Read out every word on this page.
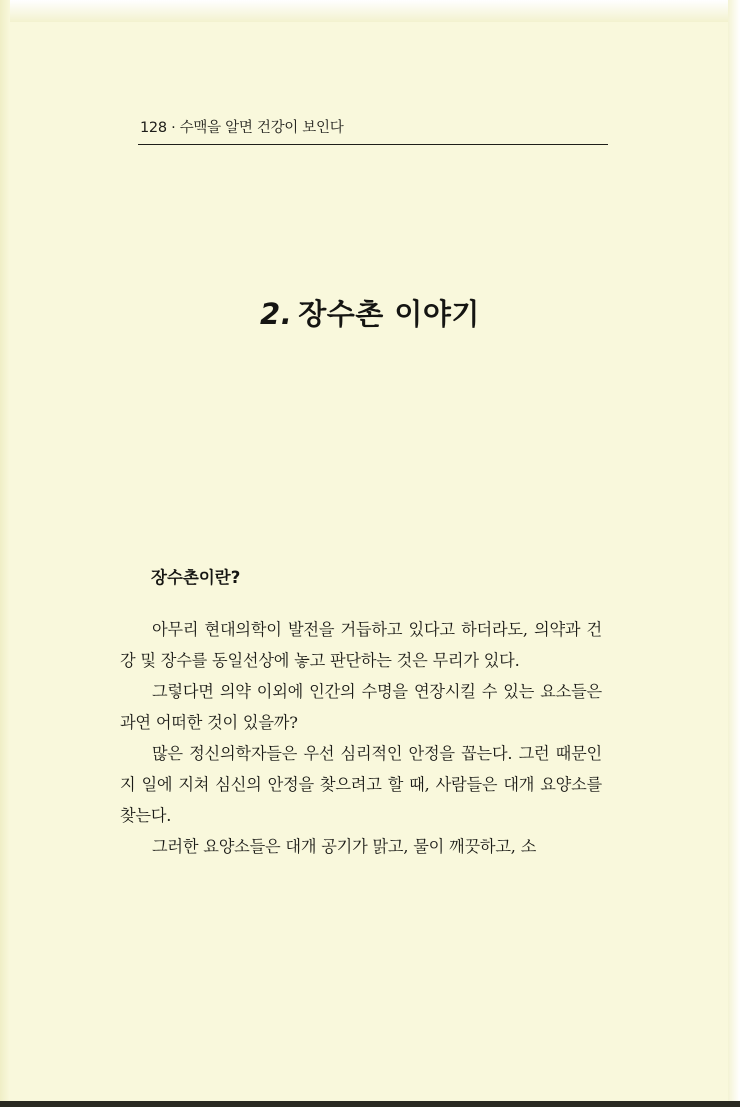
128 · 수맥을 알면 건강이 보인다
2. 장수촌 이야기
장수촌이란?

아무리 현대의학이 발전을 거듭하고 있다고 하더라도, 의약과 건강 및 장수를 동일선상에 놓고 판단하는 것은 무리가 있다.

그렇다면 의약 이외에 인간의 수명을 연장시킬 수 있는 요소들은 과연 어떠한 것이 있을까?

많은 정신의학자들은 우선 심리적인 안정을 꼽는다. 그런 때문인지 일에 지쳐 심신의 안정을 찾으려고 할 때, 사람들은 대개 요양소를 찾는다.

그러한 요양소들은 대개 공기가 맑고, 물이 깨끗하고, 소
